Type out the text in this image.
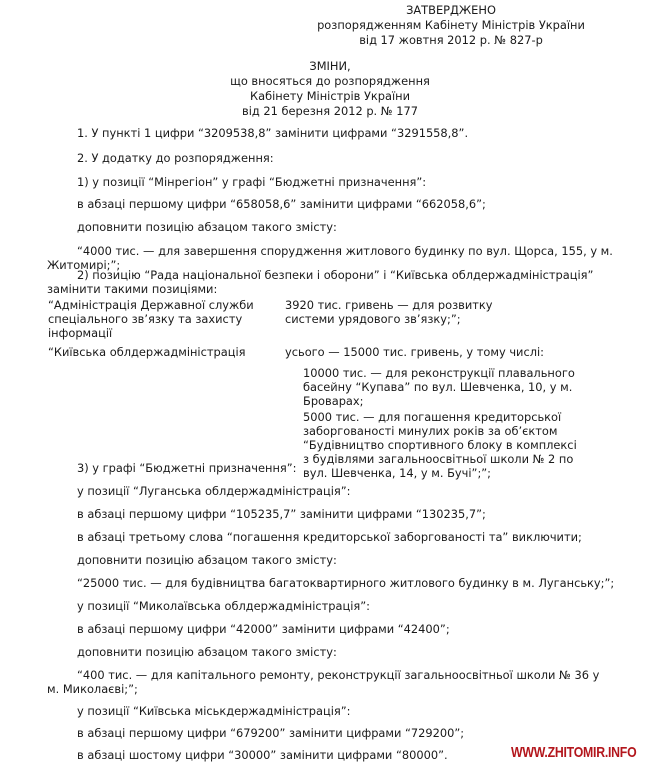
ЗАТВЕРДЖЕНО
розпорядженням Кабінету Міністрів України
від 17 жовтня 2012 р. № 827-р
ЗМІНИ,
що вносяться до розпорядження
Кабінету Міністрів України
від 21 березня 2012 р. № 177
1. У пункті 1 цифри “3209538,8” замінити цифрами “3291558,8”.
2. У додатку до розпорядження:
1) у позиції “Мінрегіон” у графі “Бюджетні призначення”:
в абзаці першому цифри “658058,6” замінити цифрами “662058,6”;
доповнити позицію абзацом такого змісту:
“4000 тис. — для завершення спорудження житлового будинку по вул. Щорса, 155, у м.
Житомирі;”;
2) позицію “Рада національної безпеки і оборони” і “Київська облдержадміністрація”
замінити такими позиціями:
“Адміністрація Державної служби спеціального зв’язку та захисту інформації
3920 тис. гривень — для розвитку системи урядового зв’язку;”;
“Київська облдержадміністрація	усього — 15000 тис. гривень, у тому числі:
10000 тис. — для реконструкції плавального басейну “Купава” по вул. Шевченка, 10, у м. Броварах;
5000 тис. — для погашення кредиторської заборгованості минулих років за об’єктом “Будівництво спортивного блоку в комплексі з будівлями загальноосвітньої школи № 2 по вул. Шевченка, 14, у м. Бучі”;”;
3) у графі “Бюджетні призначення”:
у позиції “Луганська облдержадміністрація”:
в абзаці першому цифри “105235,7” замінити цифрами “130235,7”;
в абзаці третьому слова “погашення кредиторської заборгованості та” виключити;
доповнити позицію абзацом такого змісту:
“25000 тис. — для будівництва багатоквартирного житлового будинку в м. Луганську;”;
у позиції “Миколаївська облдержадміністрація”:
в абзаці першому цифри “42000” замінити цифрами “42400”;
доповнити позицію абзацом такого змісту:
WWW.ZHITOMIR.INFO
“400 тис. — для капітального ремонту, реконструкції загальноосвітньої школи № 36 у
м. Миколаєві;”;
у позиції “Київська міськдержадміністрація”:
в абзаці першому цифри “679200” замінити цифрами “729200”;
в абзаці шостому цифри “30000” замінити цифрами “80000”.
